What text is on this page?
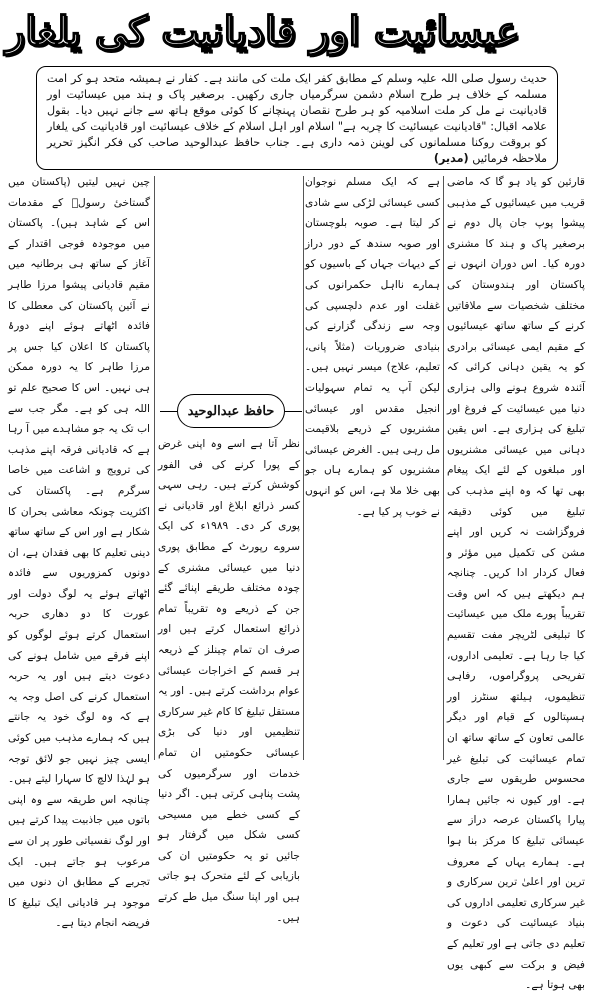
عیسائیت اور قادیانیت کی یلغار

حدیث رسول صلی اللہ علیہ وسلم کے مطابق کفر ایک ملت کی مانند ہے۔ کفار نے ہمیشہ متحد ہو کر امت مسلمہ کے خلاف ہر طرح اسلام دشمن سرگرمیاں جاری رکھیں۔ برصغیر پاک و ہند میں عیسائیت اور قادیانیت نے مل کر ملت اسلامیہ کو ہر طرح نقصان پہنچانے کا کوئی موقع ہاتھ سے جانے نہیں دیا۔ بقول علامہ اقبال: "قادیانیت عیسائیت کا چربہ ہے" اسلام اور اہل اسلام کے خلاف عیسائیت اور قادیانیت کی یلغار کو بروقت روکنا مسلمانوں کی لوینن ذمہ داری ہے۔ جناب حافظ عبدالوحید صاحب کی فکر انگیز تحریر ملاحظہ فرمائیں (مدیر)

قارئین کو یاد ہو گا کہ ماضی قریب میں عیسائیوں کے مذہبی پیشوا پوپ جان پال دوم نے برصغیر پاک و ہند کا مشنری دورہ کیا۔ اس دوران انہوں نے پاکستان اور ہندوستان کی مختلف شخصیات سے ملاقاتیں کرنے کے ساتھ ساتھ عیسائیوں کے مقیم ایمی عیسائی برادری کو یہ یقین دہانی کرائی کہ آئندہ شروع ہونے والی ہزاری دنیا میں عیسائیت کے فروغ اور تبلیغ کی ہزاری ہے۔ اس یقین دہانی میں عیسائی مشنریوں اور مبلغوں کے لئے ایک پیغام بھی تھا کہ وہ اپنے مذہب کی تبلیغ میں کوئی دقیقہ فروگزاشت نہ کریں اور اپنے مشن کی تکمیل میں مؤثر و فعال کردار ادا کریں۔ چنانچہ ہم دیکھتے ہیں کہ اس وقت تقریباً پورے ملک میں عیسائیت کا تبلیغی لٹریچر مفت تقسیم کیا جا رہا ہے۔ تعلیمی اداروں، تفریحی پروگراموں، رفاہی تنظیموں، ہیلتھ سنٹرز اور ہسپتالوں کے قیام اور دیگر عالمی تعاون کے ساتھ ساتھ ان تمام عیسائیت کی تبلیغ غیر محسوس طریقوں سے جاری ہے۔ اور کیوں نہ جائیں ہمارا پیارا پاکستان عرصہ دراز سے عیسائی تبلیغ کا مرکز بنا ہوا ہے۔ ہمارے یہاں کے معروف ترین اور اعلیٰ ترین سرکاری و غیر سرکاری تعلیمی اداروں کی بنیاد عیسائیت کی دعوت و تعلیم دی جاتی ہے اور تعلیم کے فیض و برکت سے کبھی یوں بھی ہوتا ہے۔

ہے کہ ایک مسلم نوجوان کسی عیسائی لڑکی سے شادی کر لیتا ہے۔ صوبہ بلوچستان اور صوبہ سندھ کے دور دراز کے دیہات جہاں کے باسیوں کو ہمارے نااہل حکمرانوں کی غفلت اور عدم دلچسپی کی وجہ سے زندگی گزارنے کی بنیادی ضروریات (مثلاً پانی، تعلیم، علاج) میسر نہیں ہیں۔ لیکن آپ یہ تمام سہولیات انجیل مقدس اور عیسائی مشنریوں کے ذریعے بلاقیمت مل رہی ہیں۔ الغرض عیسائی مشنریوں کو ہمارے ہاں جو بھی خلا ملا ہے، اس کو انہوں نے خوب پر کیا ہے۔

حافظ عبدالوحید

نظر آتا ہے اسے وہ اپنی غرض کے پورا کرنے کی فی الفور کوشش کرتے ہیں۔ رہی سہی کسر ذرائع ابلاغ اور قادیانی نے پوری کر دی۔ ۱۹۸۹ء کی ایک سروے رپورٹ کے مطابق پوری دنیا میں عیسائی مشنری کے چودہ مختلف طریقے اپنائے گئے جن کے ذریعے وہ تقریباً تمام ذرائع استعمال کرتے ہیں اور صرف ان تمام چینلز کے ذریعہ ہر قسم کے اخراجات عیسائی عوام برداشت کرتے ہیں۔ اور یہ مستقل تبلیغ کا کام غیر سرکاری تنظیمیں اور دنیا کی بڑی عیسائی حکومتیں ان تمام خدمات اور سرگرمیوں کی پشت پناہی کرتی ہیں۔ اگر دنیا کے کسی خطے میں مسیحی کسی شکل میں گرفتار ہو جائیں تو یہ حکومتیں ان کی بازیابی کے لئے متحرک ہو جاتی ہیں اور اپنا سنگ میل طے کرتے ہیں۔

چین نہیں لیتیں (پاکستان میں گستاخیٔ رسولؐ کے مقدمات اس کے شاہد ہیں)۔ پاکستان میں موجودہ فوجی اقتدار کے آغاز کے ساتھ ہی برطانیہ میں مقیم قادیانی پیشوا مرزا طاہر نے آئین پاکستان کی معطلی کا فائدہ اٹھاتے ہوئے اپنے دورۂ پاکستان کا اعلان کیا جس پر مرزا طاہر کا یہ دورہ ممکن ہی نہیں۔ اس کا صحیح علم تو اللہ ہی کو ہے۔ مگر جب سے اب تک یہ جو مشاہدے میں آ رہا ہے کہ قادیانی فرقہ اپنے مذہب کی ترویج و اشاعت میں خاصا سرگرم ہے۔ پاکستان کی اکثریت چونکہ معاشی بحران کا شکار ہے اور اس کے ساتھ ساتھ دینی تعلیم کا بھی فقدان ہے، ان دونوں کمزوریوں سے فائدہ اٹھاتے ہوئے یہ لوگ دولت اور عورت کا دو دھاری حربہ استعمال کرتے ہوئے لوگوں کو اپنے فرقے میں شامل ہونے کی دعوت دیتے ہیں اور یہ حربہ استعمال کرنے کی اصل وجہ یہ ہے کہ وہ لوگ خود یہ جانتے ہیں کہ ہمارے مذہب میں کوئی ایسی چیز نہیں جو لائق توجہ ہو لہٰذا لالچ کا سہارا لیتے ہیں۔ چنانچہ اس طریقہ سے وہ اپنی باتوں میں جاذبیت پیدا کرتے ہیں اور لوگ نفسیاتی طور پر ان سے مرعوب ہو جاتے ہیں۔ ایک تجربے کے مطابق ان دنوں میں موجود ہر قادیانی ایک تبلیغ کا فریضہ انجام دیتا ہے۔
